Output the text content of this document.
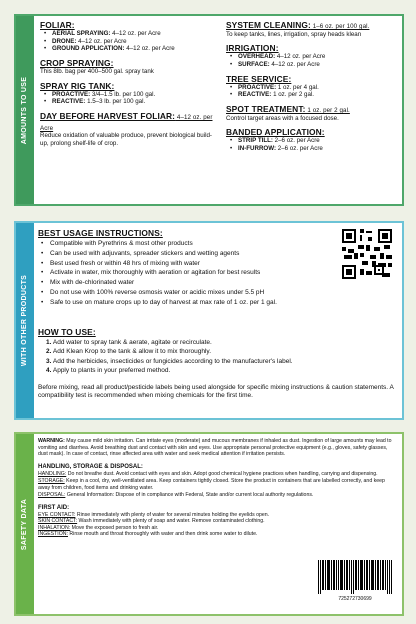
AMOUNTS TO USE
FOLIAR:
• AERIAL SPRAYING: 4–12 oz. per Acre
• DRONE: 4–12 oz. per Acre
• GROUND APPLICATION: 4–12 oz. per Acre
CROP SPRAYING:
This 8lb. bag per 400–500 gal. spray tank
SPRAY RIG TANK:
• PROACTIVE: 3/4–1.5 lb. per 100 gal.
• REACTIVE: 1.5–3 lb. per 100 gal.
DAY BEFORE HARVEST FOLIAR: 4–12 oz. per Acre
Reduce oxidation of valuable produce, prevent biological build-up, prolong shelf-life of crop.
SYSTEM CLEANING: 1–6 oz. per 100 gal.
To keep tanks, lines, irrigation, spray heads klean
IRRIGATION:
• OVERHEAD: 4–12 oz. per Acre
• SURFACE: 4–12 oz. per Acre
TREE SERVICE:
• PROACTIVE: 1 oz. per 4 gal.
• REACTIVE: 1 oz. per 2 gal.
SPOT TREATMENT: 1 oz. per 2 gal.
Control target areas with a focused dose.
BANDED APPLICATION:
• STRIP TILL: 2–6 oz. per Acre
• IN-FURROW: 2–6 oz. per Acre
WITH OTHER PRODUCTS
BEST USAGE INSTRUCTIONS:
• Compatible with Pyrethrins & most other products
• Can be used with adjuvants, spreader stickers and wetting agents
• Best used fresh or within 48 hrs of mixing with water
• Activate in water, mix thoroughly with aeration or agitation for best results
• Mix with de-chlorinated water
• Do not use with 100% reverse osmosis water or acidic mixes under 5.5 pH
• Safe to use on mature crops up to day of harvest at max rate of 1 oz. per 1 gal.
HOW TO USE:
1. Add water to spray tank & aerate, agitate or recirculate.
2. Add Klean Krop to the tank & allow it to mix thoroughly.
3. Add the herbicides, insecticides or fungicides according to the manufacturer's label.
4. Apply to plants in your preferred method.
Before mixing, read all product/pesticide labels being used alongside for specific mixing instructions & caution statements. A compatibility test is recommended when mixing chemicals for the first time.
SAFETY DATA
WARNING: May cause mild skin irritation. Can irritate eyes (moderate) and mucous membranes if inhaled as dust. Ingestion of large amounts may lead to vomiting and diarrhea. Avoid breathing dust and contact with skin and eyes. Use appropriate personal protective equipment (e.g., gloves, safety glasses, dust mask). In case of contact, rinse affected area with water and seek medical attention if irritation persists.
HANDLING, STORAGE & DISPOSAL:
HANDLING: Do not breathe dust. Avoid contact with eyes and skin. Adopt good chemical hygiene practices when handling, carrying and dispensing.
STORAGE: Keep in a cool, dry, well-ventilated area. Keep containers tightly closed. Store the product in containers that are labelled correctly, and keep away from children, food items and drinking water.
DISPOSAL: General Information: Dispose of in compliance with Federal, State and/or current local authority regulations.
FIRST AID:
EYE CONTACT: Rinse immediately with plenty of water for several minutes holding the eyelids open.
SKIN CONTACT: Wash immediately with plenty of soap and water. Remove contaminated clothing.
INHALATION: Move the exposed person to fresh air.
INGESTION: Rinse mouth and throat thoroughly with water and then drink some water to dilute.
725272730699
